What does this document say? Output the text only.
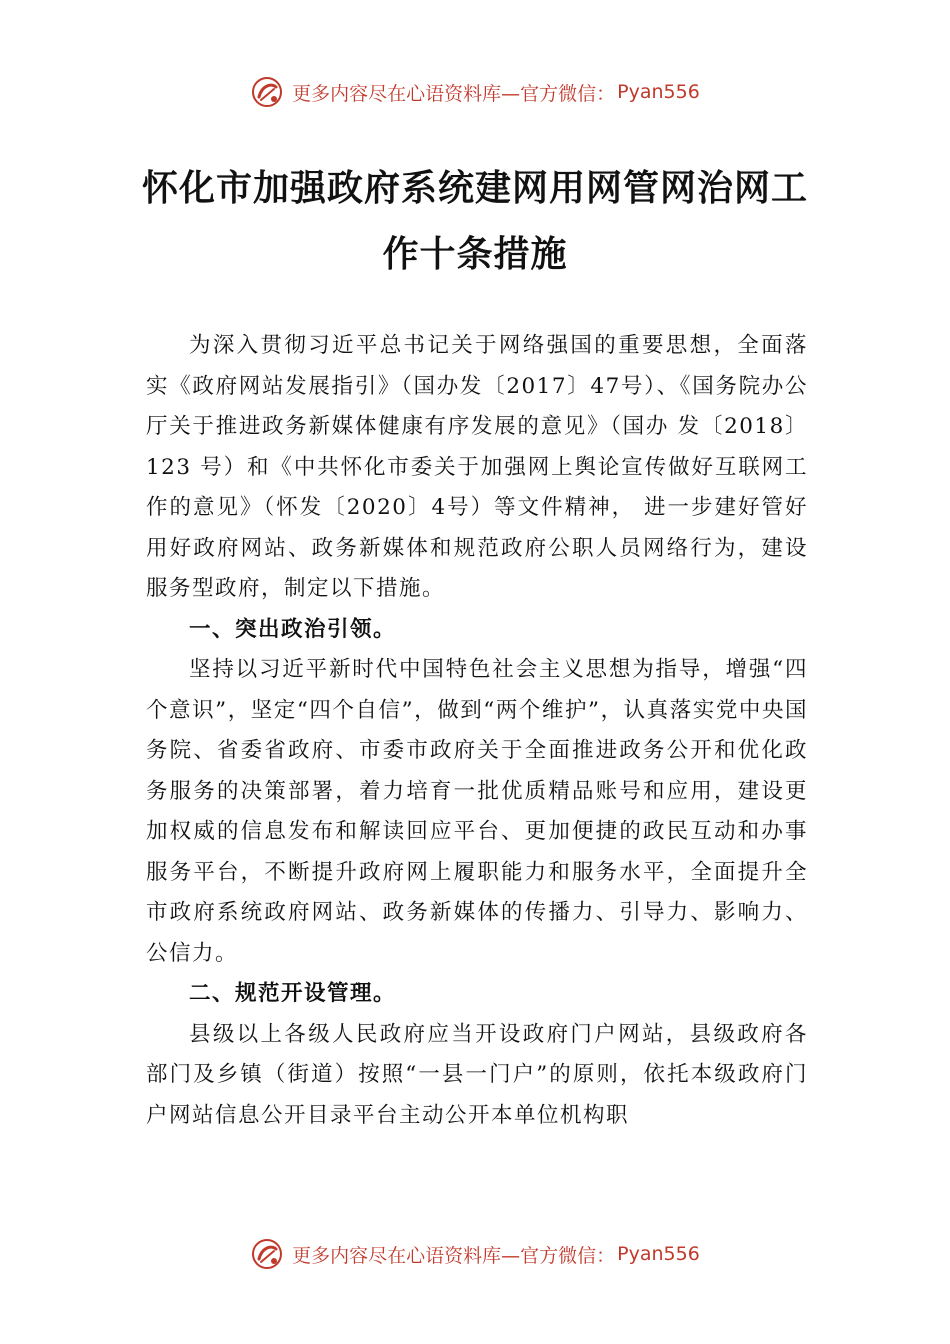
更多内容尽在心语资料库—官方微信： Pyan556
怀化市加强政府系统建网用网管网治网工
作十条措施

为深入贯彻习近平总书记关于网络强国的重要思想，全面落实《政府网站发展指引》（国办发〔2017〕47号）、《国务院办公厅关于推进政务新媒体健康有序发展的意见》（国办 发〔2018〕123 号）和《中共怀化市委关于加强网上舆论宣传做好互联网工作的意见》（怀发〔2020〕4号）等文件精神， 进一步建好管好用好政府网站、政务新媒体和规范政府公职人员网络行为，建设服务型政府，制定以下措施。

一、突出政治引领。

坚持以习近平新时代中国特色社会主义思想为指导，增强“四个意识”，坚定“四个自信”，做到“两个维护”，认真落实党中央国务院、省委省政府、市委市政府关于全面推进政务公开和优化政务服务的决策部署，着力培育一批优质精品账号和应用，建设更加权威的信息发布和解读回应平台、更加便捷的政民互动和办事服务平台，不断提升政府网上履职能力和服务水平，全面提升全市政府系统政府网站、政务新媒体的传播力、引导力、影响力、公信力。

二、规范开设管理。

县级以上各级人民政府应当开设政府门户网站，县级政府各部门及乡镇（街道）按照“一县一门户”的原则，依托本级政府门户网站信息公开目录平台主动公开本单位机构职

更多内容尽在心语资料库—官方微信： Pyan556
